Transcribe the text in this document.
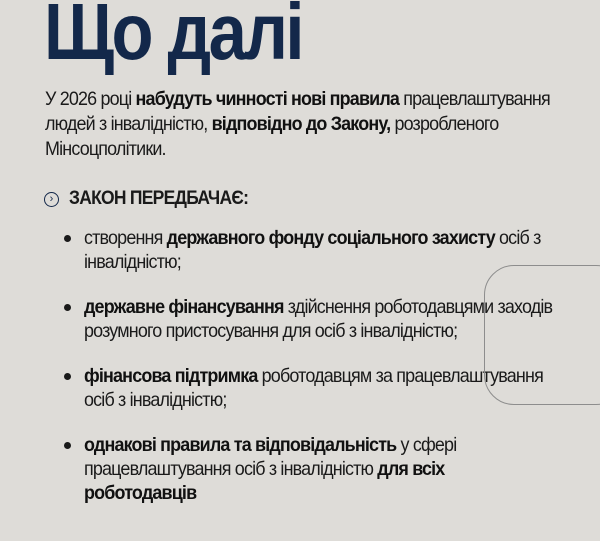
Що далі
У 2026 році набудуть чинності нові правила працевлаштування людей з інвалідністю, відповідно до Закону, розробленого Мінсоцполітики.
› ЗАКОН ПЕРЕДБАЧАЄ:
створення державного фонду соціального захисту осіб з інвалідністю;
державне фінансування здійснення роботодавцями заходів розумного пристосування для осіб з інвалідністю;
фінансова підтримка роботодавцям за працевлаштування осіб з інвалідністю;
однакові правила та відповідальність у сфері працевлаштування осіб з інвалідністю для всіх роботодавців
